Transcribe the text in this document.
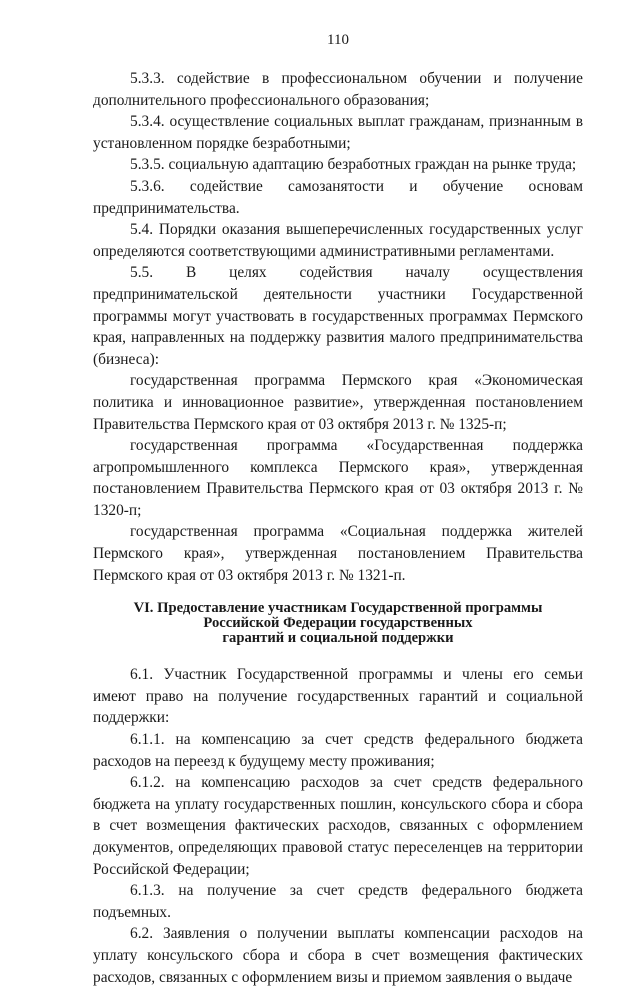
110

5.3.3. содействие в профессиональном обучении и получение дополнительного профессионального образования;

5.3.4. осуществление социальных выплат гражданам, признанным в установленном порядке безработными;

5.3.5. социальную адаптацию безработных граждан на рынке труда;

5.3.6. содействие самозанятости и обучение основам предпринимательства.

5.4. Порядки оказания вышеперечисленных государственных услуг определяются соответствующими административными регламентами.

5.5. В целях содействия началу осуществления предпринимательской деятельности участники Государственной программы могут участвовать в государственных программах Пермского края, направленных на поддержку развития малого предпринимательства (бизнеса):

государственная программа Пермского края «Экономическая политика и инновационное развитие», утвержденная постановлением Правительства Пермского края от 03 октября 2013 г. № 1325-п;

государственная программа «Государственная поддержка агропромышленного комплекса Пермского края», утвержденная постановлением Правительства Пермского края от 03 октября 2013 г. № 1320-п;

государственная программа «Социальная поддержка жителей Пермского края», утвержденная постановлением Правительства Пермского края от 03 октября 2013 г. № 1321-п.

VI. Предоставление участникам Государственной программы
Российской Федерации государственных
гарантий и социальной поддержки

6.1. Участник Государственной программы и члены его семьи имеют право на получение государственных гарантий и социальной поддержки:

6.1.1. на компенсацию за счет средств федерального бюджета расходов на переезд к будущему месту проживания;

6.1.2. на компенсацию расходов за счет средств федерального бюджета на уплату государственных пошлин, консульского сбора и сбора в счет возмещения фактических расходов, связанных с оформлением документов, определяющих правовой статус переселенцев на территории Российской Федерации;

6.1.3. на получение за счет средств федерального бюджета подъемных.

6.2. Заявления о получении выплаты компенсации расходов на уплату консульского сбора и сбора в счет возмещения фактических расходов, связанных с оформлением визы и приемом заявления о выдаче
